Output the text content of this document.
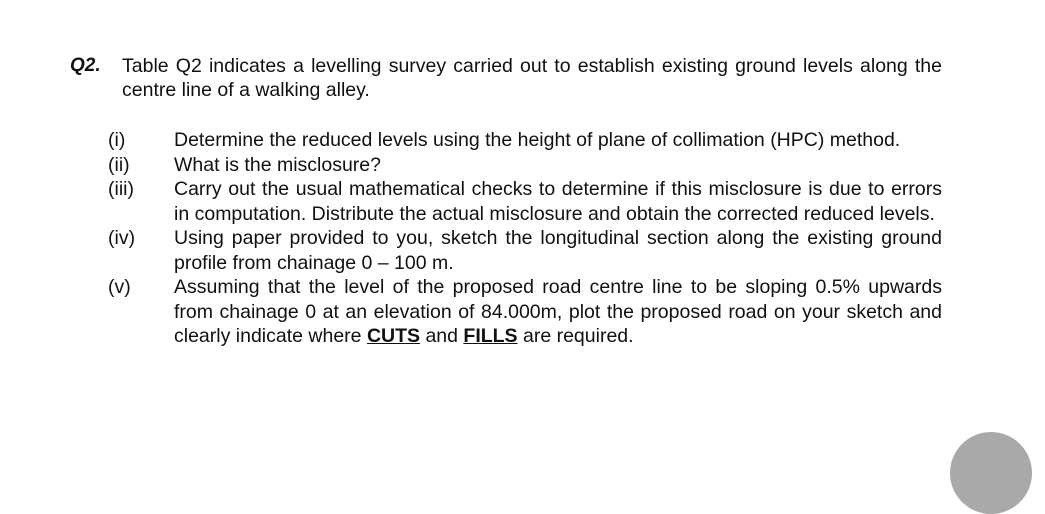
Q2. Table Q2 indicates a levelling survey carried out to establish existing ground levels along the centre line of a walking alley.
(i) Determine the reduced levels using the height of plane of collimation (HPC) method.
(ii) What is the misclosure?
(iii) Carry out the usual mathematical checks to determine if this misclosure is due to errors in computation. Distribute the actual misclosure and obtain the corrected reduced levels.
(iv) Using paper provided to you, sketch the longitudinal section along the existing ground profile from chainage 0 – 100 m.
(v) Assuming that the level of the proposed road centre line to be sloping 0.5% upwards from chainage 0 at an elevation of 84.000m, plot the proposed road on your sketch and clearly indicate where CUTS and FILLS are required.
